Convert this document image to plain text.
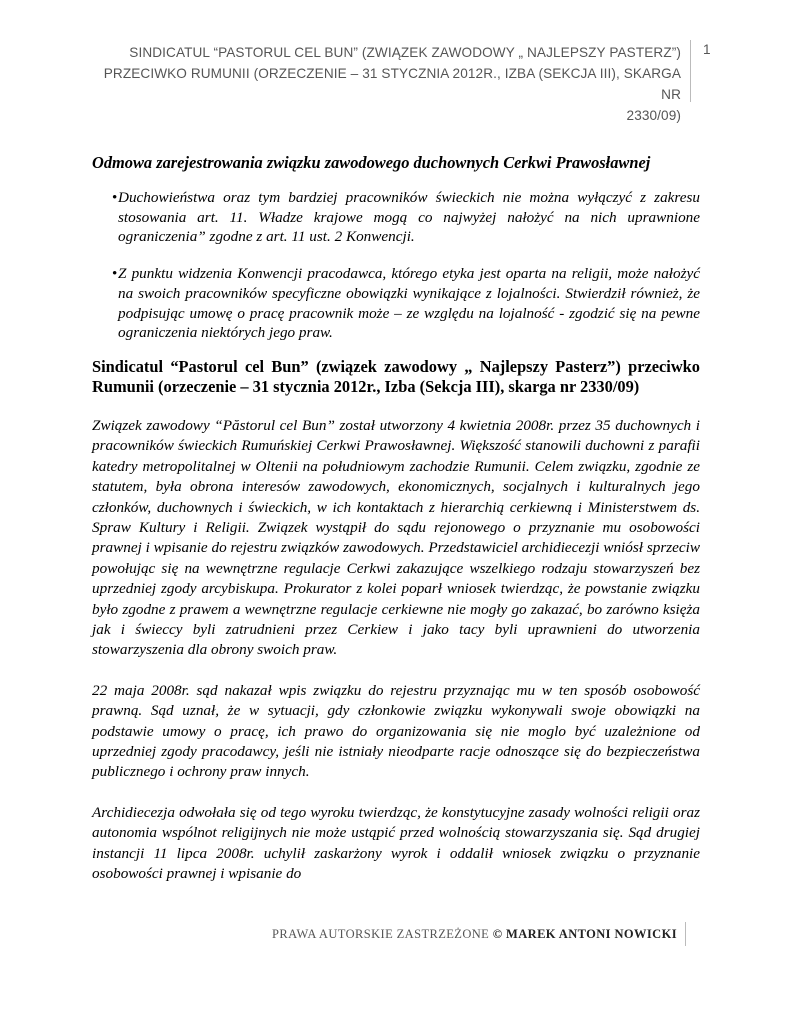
SINDICATUL “PASTORUL CEL BUN” (ZWIĄZEK ZAWODOWY „ NAJLEPSZY PASTERZ”)
PRZECIWKO RUMUNII (ORZECZENIE – 31 STYCZNIA 2012R., IZBA (SEKCJA III), SKARGA NR
2330/09)
1
Odmowa zarejestrowania związku zawodowego duchownych Cerkwi Prawosławnej
• Duchowieństwa oraz tym bardziej pracowników świeckich nie można wyłączyć z zakresu stosowania art. 11. Władze krajowe mogą co najwyżej nałożyć na nich uprawnione ograniczenia” zgodne z art. 11 ust. 2 Konwencji.
• Z punktu widzenia Konwencji pracodawca, którego etyka jest oparta na religii, może nałożyć na swoich pracowników specyficzne obowiązki wynikające z lojalności. Stwierdził również, że podpisując umowę o pracę pracownik może – ze względu na lojalność - zgodzić się na pewne ograniczenia niektórych jego praw.
Sindicatul “Pastorul cel Bun” (związek zawodowy „ Najlepszy Pasterz”) przeciwko Rumunii (orzeczenie – 31 stycznia 2012r., Izba (Sekcja III), skarga nr 2330/09)

Związek zawodowy “Păstorul cel Bun” został utworzony 4 kwietnia 2008r. przez 35 duchownych i pracowników świeckich Rumuńskiej Cerkwi Prawosławnej. Większość stanowili duchowni z parafii katedry metropolitalnej w Oltenii na południowym zachodzie Rumunii. Celem związku, zgodnie ze statutem, była obrona interesów zawodowych, ekonomicznych, socjalnych i kulturalnych jego członków, duchownych i świeckich, w ich kontaktach z hierarchią cerkiewną i Ministerstwem ds. Spraw Kultury i Religii. Związek wystąpił do sądu rejonowego o przyznanie mu osobowości prawnej i wpisanie do rejestru związków zawodowych. Przedstawiciel archidiecezji wniósł sprzeciw powołując się na wewnętrzne regulacje Cerkwi zakazujące wszelkiego rodzaju stowarzyszeń bez uprzedniej zgody arcybiskupa. Prokurator z kolei poparł wniosek twierdząc, że powstanie związku było zgodne z prawem a wewnętrzne regulacje cerkiewne nie mogły go zakazać, bo zarówno księża jak i świeccy byli zatrudnieni przez Cerkiew i jako tacy byli uprawnieni do utworzenia stowarzyszenia dla obrony swoich praw.

22 maja 2008r. sąd nakazał wpis związku do rejestru przyznając mu w ten sposób osobowość prawną. Sąd uznał, że w sytuacji, gdy członkowie związku wykonywali swoje obowiązki na podstawie umowy o pracę, ich prawo do organizowania się nie moglo być uzależnione od uprzedniej zgody pracodawcy, jeśli nie istniały nieodparte racje odnoszące się do bezpieczeństwa publicznego i ochrony praw innych.

Archidiecezja odwołała się od tego wyroku twierdząc, że konstytucyjne zasady wolności religii oraz autonomia wspólnot religijnych nie może ustąpić przed wolnością stowarzyszania się. Sąd drugiej instancji 11 lipca 2008r. uchylił zaskarżony wyrok i oddalił wniosek związku o przyznanie osobowości prawnej i wpisanie do

PRAWA AUTORSKIE ZASTRZEŻONE © MAREK ANTONI NOWICKI
